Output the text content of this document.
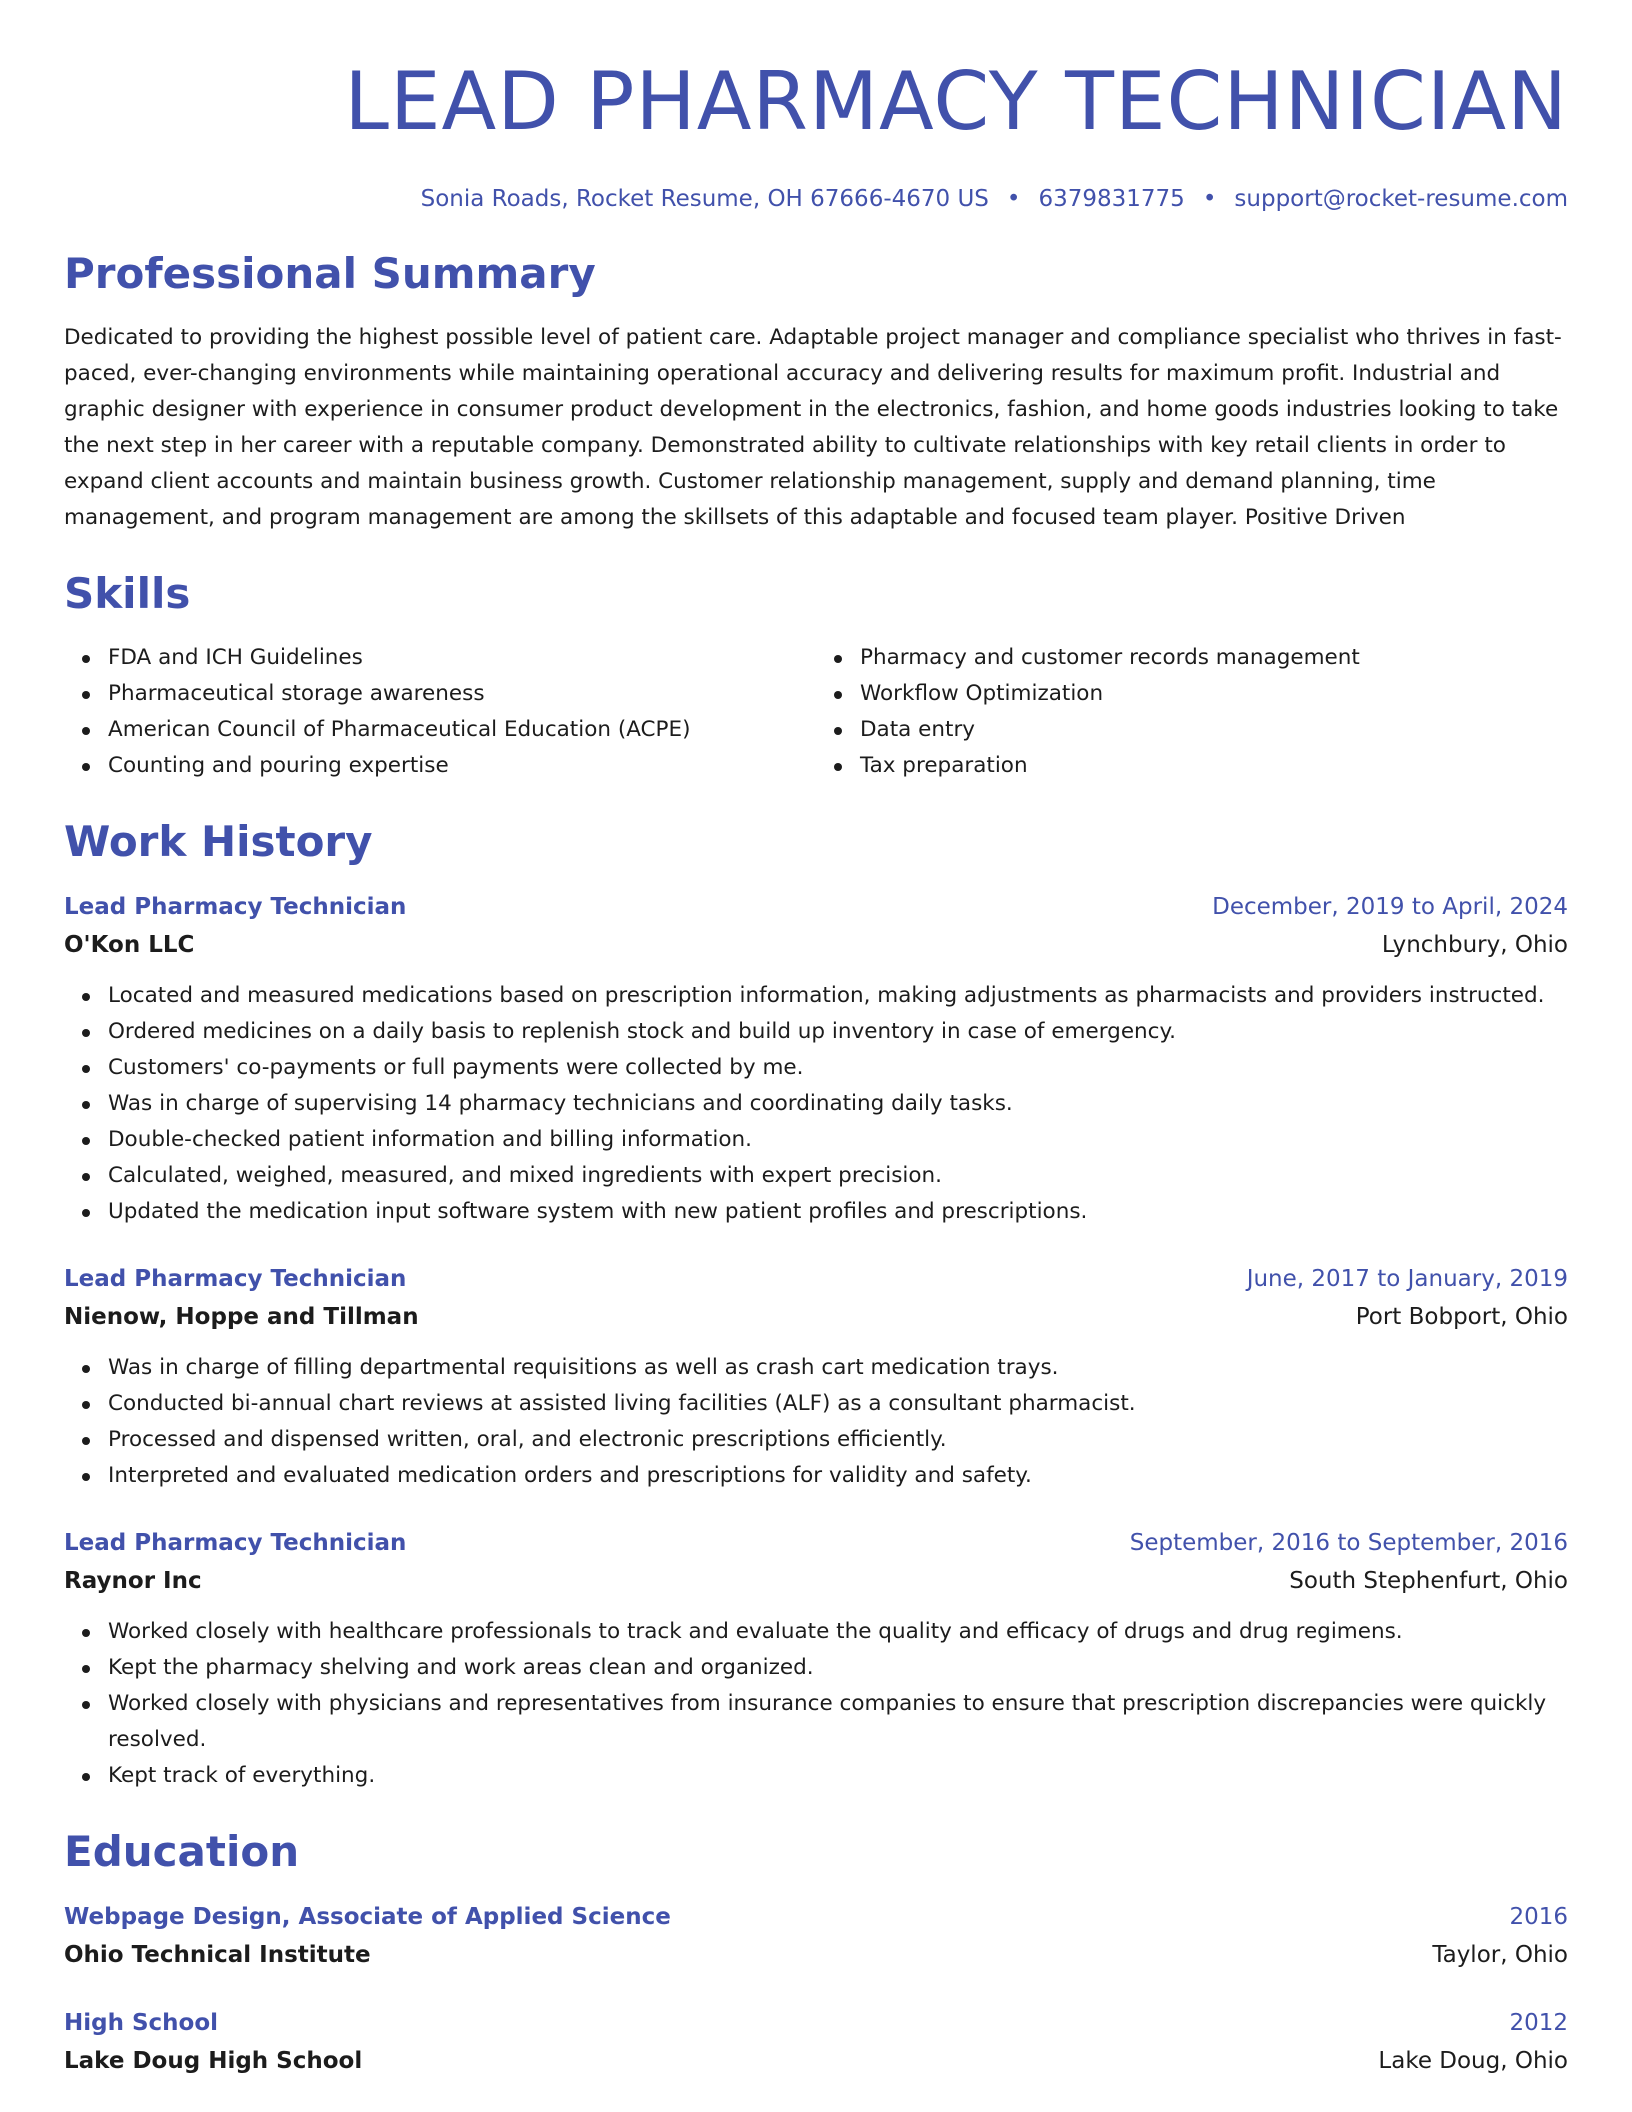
LEAD PHARMACY TECHNICIAN
Sonia Roads, Rocket Resume, OH 67666-4670 US • 6379831775 • support@rocket-resume.com
Professional Summary

Dedicated to providing the highest possible level of patient care. Adaptable project manager and compliance specialist who thrives in fast-paced, ever-changing environments while maintaining operational accuracy and delivering results for maximum profit. Industrial and graphic designer with experience in consumer product development in the electronics, fashion, and home goods industries looking to take the next step in her career with a reputable company. Demonstrated ability to cultivate relationships with key retail clients in order to expand client accounts and maintain business growth. Customer relationship management, supply and demand planning, time management, and program management are among the skillsets of this adaptable and focused team player. Positive Driven

Skills
FDA and ICH Guidelines
Pharmaceutical storage awareness
American Council of Pharmaceutical Education (ACPE)
Counting and pouring expertise
Pharmacy and customer records management
Workflow Optimization
Data entry
Tax preparation
Work History
Lead Pharmacy Technician	December, 2019 to April, 2024
O'Kon LLC	Lynchbury, Ohio
Located and measured medications based on prescription information, making adjustments as pharmacists and providers instructed.
Ordered medicines on a daily basis to replenish stock and build up inventory in case of emergency.
Customers' co-payments or full payments were collected by me.
Was in charge of supervising 14 pharmacy technicians and coordinating daily tasks.
Double-checked patient information and billing information.
Calculated, weighed, measured, and mixed ingredients with expert precision.
Updated the medication input software system with new patient profiles and prescriptions.
Lead Pharmacy Technician	June, 2017 to January, 2019
Nienow, Hoppe and Tillman	Port Bobport, Ohio
Was in charge of filling departmental requisitions as well as crash cart medication trays.
Conducted bi-annual chart reviews at assisted living facilities (ALF) as a consultant pharmacist.
Processed and dispensed written, oral, and electronic prescriptions efficiently.
Interpreted and evaluated medication orders and prescriptions for validity and safety.
Lead Pharmacy Technician	September, 2016 to September, 2016
Raynor Inc	South Stephenfurt, Ohio
Worked closely with healthcare professionals to track and evaluate the quality and efficacy of drugs and drug regimens.
Kept the pharmacy shelving and work areas clean and organized.
Worked closely with physicians and representatives from insurance companies to ensure that prescription discrepancies were quickly resolved.
Kept track of everything.
Education
Webpage Design, Associate of Applied Science	2016
Ohio Technical Institute	Taylor, Ohio
High School	2012
Lake Doug High School	Lake Doug, Ohio
